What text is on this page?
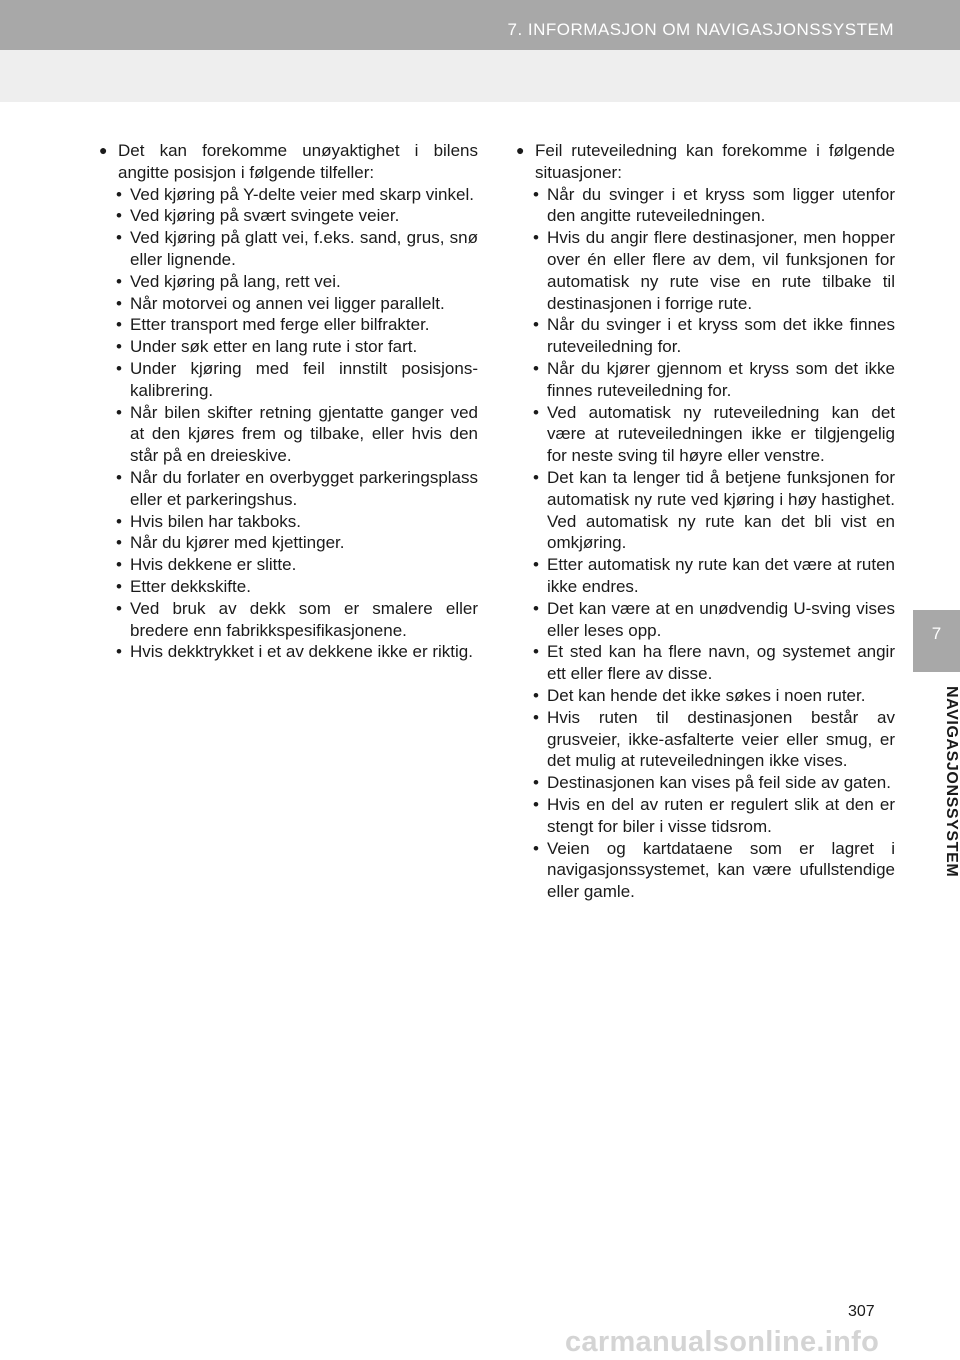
7. INFORMASJON OM NAVIGASJONSSYSTEM
7
NAVIGASJONSSYSTEM
● Det kan forekomme unøyaktighet i bilens angitte posisjon i følgende tilfeller:
• Ved kjøring på Y-delte veier med skarp vinkel.
• Ved kjøring på svært svingete veier.
• Ved kjøring på glatt vei, f.eks. sand, grus, snø eller lignende.
• Ved kjøring på lang, rett vei.
• Når motorvei og annen vei ligger parallelt.
• Etter transport med ferge eller bilfrakter.
• Under søk etter en lang rute i stor fart.
• Under kjøring med feil innstilt posisjonskalibrering.
• Når bilen skifter retning gjentatte ganger ved at den kjøres frem og tilbake, eller hvis den står på en dreieskive.
• Når du forlater en overbygget parkeringsplass eller et parkeringshus.
• Hvis bilen har takboks.
• Når du kjører med kjettinger.
• Hvis dekkene er slitte.
• Etter dekkskifte.
• Ved bruk av dekk som er smalere eller bredere enn fabrikkspesifikasjonene.
• Hvis dekktrykket i et av dekkene ikke er riktig.
● Feil ruteveiledning kan forekomme i følgende situasjoner:
• Når du svinger i et kryss som ligger utenfor den angitte ruteveiledningen.
• Hvis du angir flere destinasjoner, men hopper over én eller flere av dem, vil funksjonen for automatisk ny rute vise en rute tilbake til destinasjonen i forrige rute.
• Når du svinger i et kryss som det ikke finnes ruteveiledning for.
• Når du kjører gjennom et kryss som det ikke finnes ruteveiledning for.
• Ved automatisk ny ruteveiledning kan det være at ruteveiledningen ikke er tilgjengelig for neste sving til høyre eller venstre.
• Det kan ta lenger tid å betjene funksjonen for automatisk ny rute ved kjøring i høy hastighet. Ved automatisk ny rute kan det bli vist en omkjøring.
• Etter automatisk ny rute kan det være at ruten ikke endres.
• Det kan være at en unødvendig U-sving vises eller leses opp.
• Et sted kan ha flere navn, og systemet angir ett eller flere av disse.
• Det kan hende det ikke søkes i noen ruter.
• Hvis ruten til destinasjonen består av grusveier, ikke-asfalterte veier eller smug, er det mulig at ruteveiledningen ikke vises.
• Destinasjonen kan vises på feil side av gaten.
• Hvis en del av ruten er regulert slik at den er stengt for biler i visse tidsrom.
• Veien og kartdataene som er lagret i navigasjonssystemet, kan være ufullstendige eller gamle.
307
carmanualsonline.info
